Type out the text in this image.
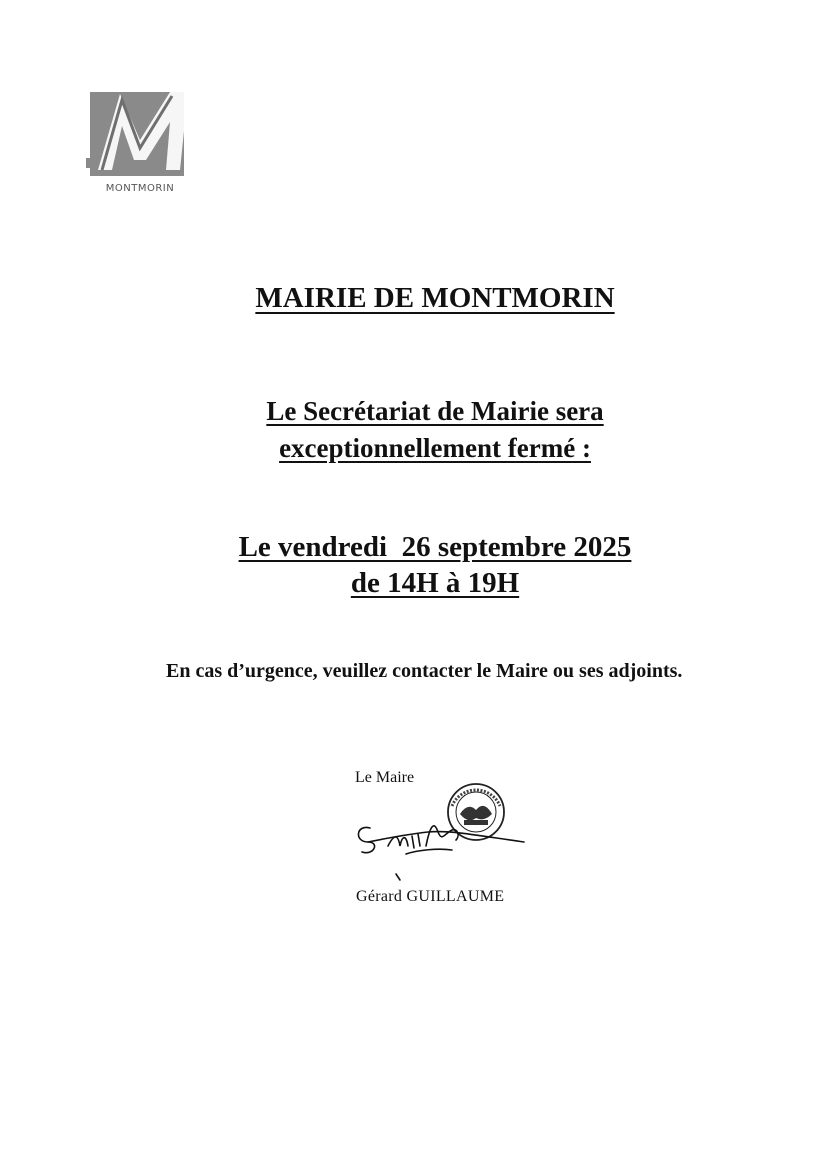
MONTMORIN
MAIRIE DE MONTMORIN
Le Secrétariat de Mairie sera
exceptionnellement fermé :
Le vendredi  26 septembre 2025
de 14H à 19H
En cas d’urgence, veuillez contacter le Maire ou ses adjoints.
Le Maire
Gérard GUILLAUME
